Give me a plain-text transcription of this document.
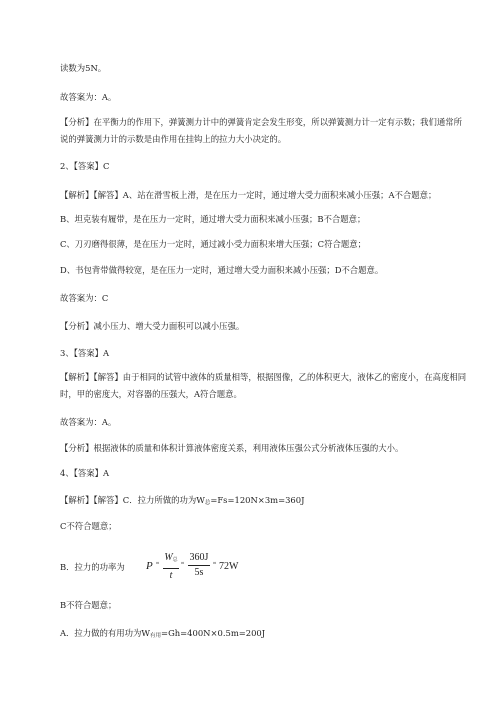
读数为5N。
故答案为：A。
【分析】在平衡力的作用下，弹簧测力计中的弹簧肯定会发生形变，所以弹簧测力计一定有示数；我们通常所说的弹簧测力计的示数是由作用在挂钩上的拉力大小决定的。
2、【答案】C
【解析】【解答】A、站在滑雪板上滑，是在压力一定时，通过增大受力面积来减小压强；A不合题意；
B、坦克装有履带，是在压力一定时，通过增大受力面积来减小压强；B不合题意；
C、刀刃磨得很薄，是在压力一定时，通过减小受力面积来增大压强；C符合题意；
D、书包背带做得较宽，是在压力一定时，通过增大受力面积来减小压强；D不合题意。
故答案为：C
【分析】减小压力、增大受力面积可以减小压强。
3、【答案】A
【解析】【解答】由于相同的试管中液体的质量相等，根据图像，乙的体积更大，液体乙的密度小，在高度相同时，甲的密度大，对容器的压强大，A符合题意。
故答案为：A。
【分析】根据液体的质量和体积计算液体密度关系，利用液体压强公式分析液体压强的大小。
4、【答案】A
【解析】【解答】C．拉力所做的功为W总=Fs=120N×3m=360J
C不符合题意；
B．拉力的功率为 P ≈
W总
t
≈
360J
5s
≈ 72W
B不符合题意；
A．拉力做的有用功为W有用=Gh=400N×0.5m=200J
